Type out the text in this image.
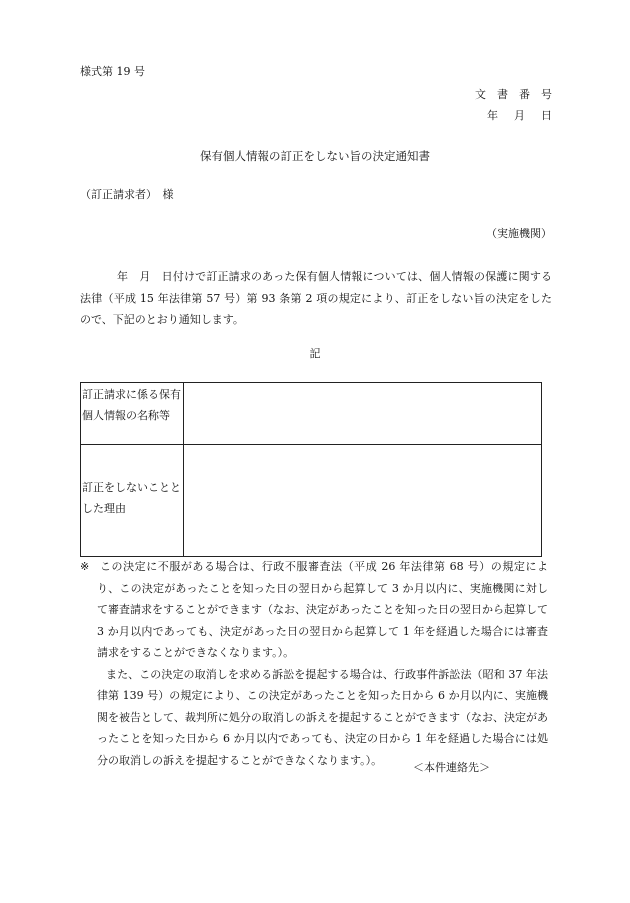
様式第 19 号
文書番号
年月日
保有個人情報の訂正をしない旨の決定通知書
（訂正請求者）　様
（実施機関）

年　月　日付けで訂正請求のあった保有個人情報については、個人情報の保護に関する法律（平成 15 年法律第 57 号）第 93 条第 2 項の規定により、訂正をしない旨の決定をしたので、下記のとおり通知します。

記
訂正請求に係る保有個人情報の名称等	
訂正をしないこととした理由	
※ この決定に不服がある場合は、行政不服審査法（平成 26 年法律第 68 号）の規定により、この決定があったことを知った日の翌日から起算して 3 か月以内に、実施機関に対して審査請求をすることができます（なお、決定があったことを知った日の翌日から起算して 3 か月以内であっても、決定があった日の翌日から起算して 1 年を経過した場合には審査請求をすることができなくなります。）。

また、この決定の取消しを求める訴訟を提起する場合は、行政事件訴訟法（昭和 37 年法律第 139 号）の規定により、この決定があったことを知った日から 6 か月以内に、実施機関を被告として、裁判所に処分の取消しの訴えを提起することができます（なお、決定があったことを知った日から 6 か月以内であっても、決定の日から 1 年を経過した場合には処分の取消しの訴えを提起することができなくなります。）。

＜本件連絡先＞
